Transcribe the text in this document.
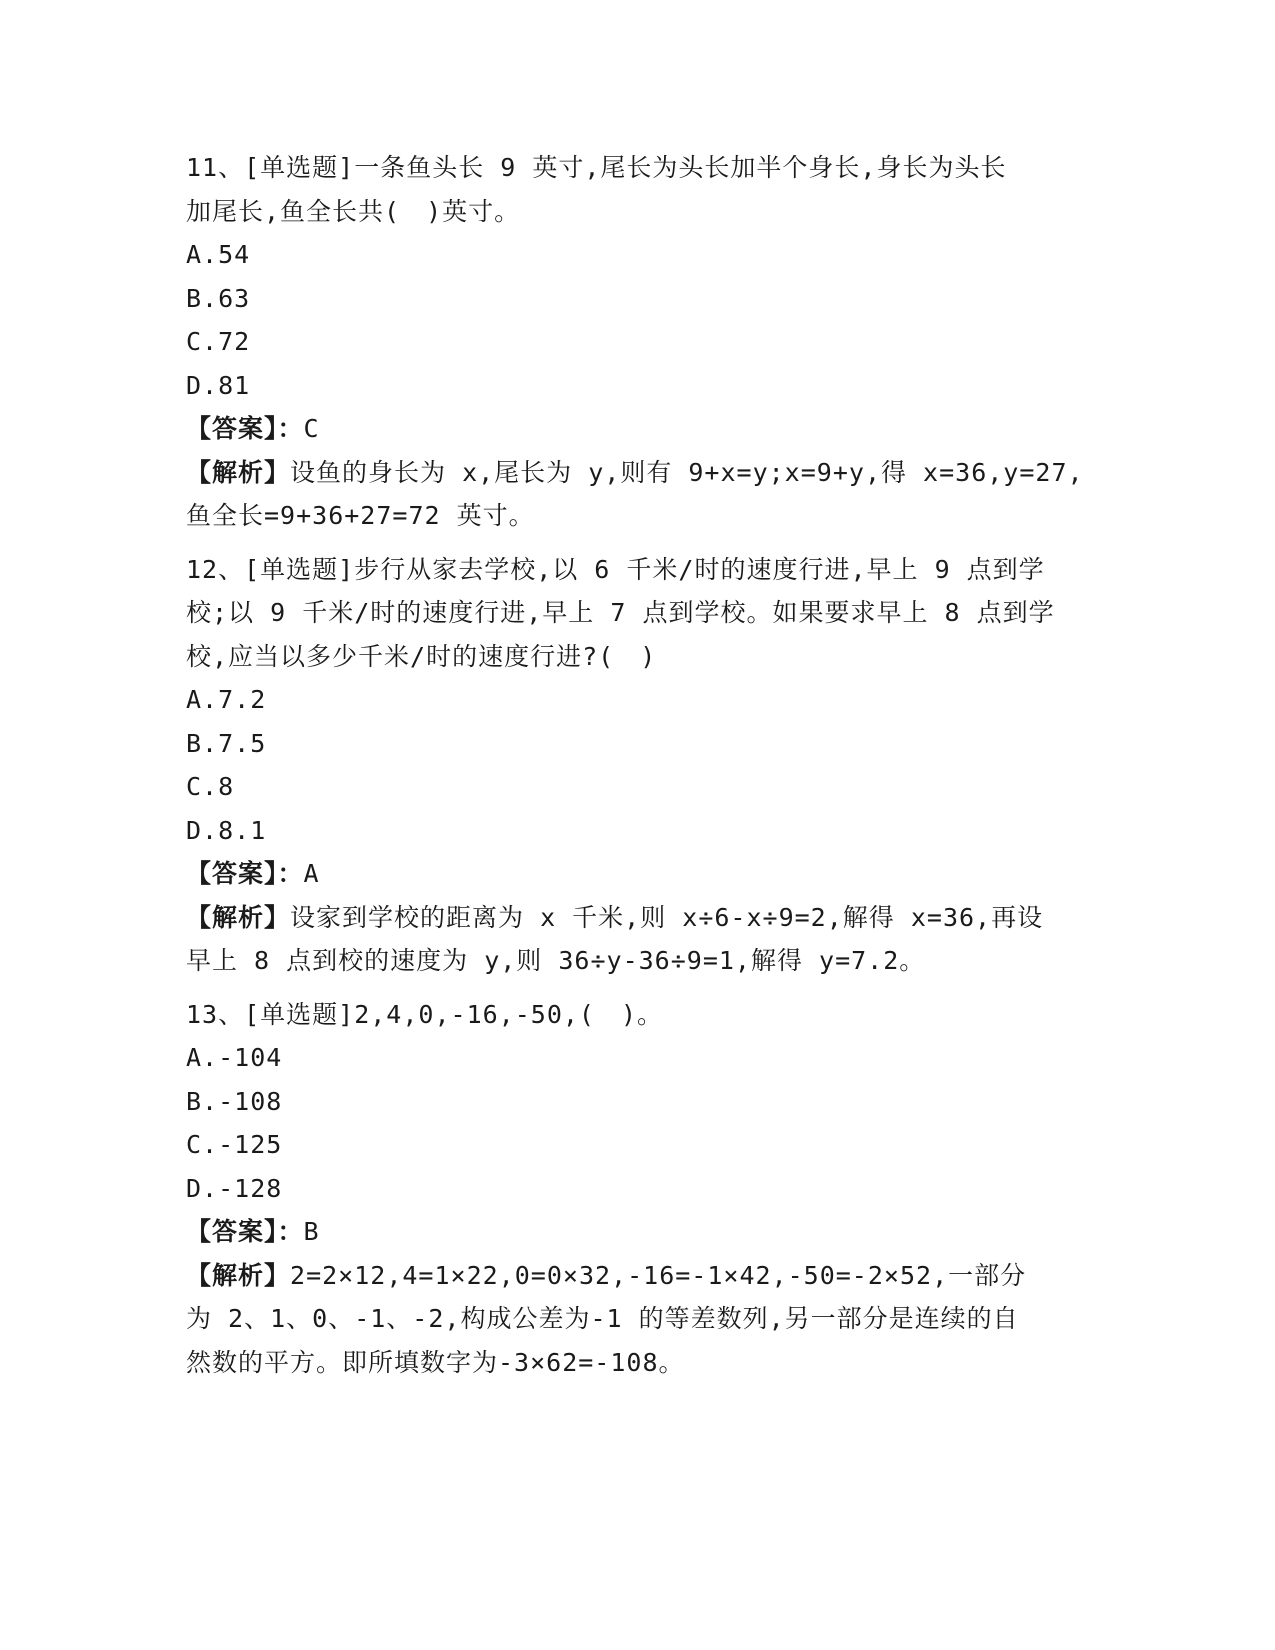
11、[单选题]一条鱼头长 9 英寸,尾长为头长加半个身长,身长为头长
加尾长,鱼全长共(　)英寸。
A.54
B.63
C.72
D.81
【答案】：C
【解析】设鱼的身长为 x,尾长为 y,则有 9+x=y;x=9+y,得 x=36,y=27,
鱼全长=9+36+27=72 英寸。
12、[单选题]步行从家去学校,以 6 千米/时的速度行进,早上 9 点到学
校;以 9 千米/时的速度行进,早上 7 点到学校。如果要求早上 8 点到学
校,应当以多少千米/时的速度行进?(　)
A.7.2
B.7.5
C.8
D.8.1
【答案】：A
【解析】设家到学校的距离为 x 千米,则 x÷6-x÷9=2,解得 x=36,再设
早上 8 点到校的速度为 y,则 36÷y-36÷9=1,解得 y=7.2。
13、[单选题]2,4,0,-16,-50,(　)。
A.-104
B.-108
C.-125
D.-128
【答案】：B
【解析】2=2×12,4=1×22,0=0×32,-16=-1×42,-50=-2×52,一部分
为 2、1、0、-1、-2,构成公差为-1 的等差数列,另一部分是连续的自
然数的平方。即所填数字为-3×62=-108。
